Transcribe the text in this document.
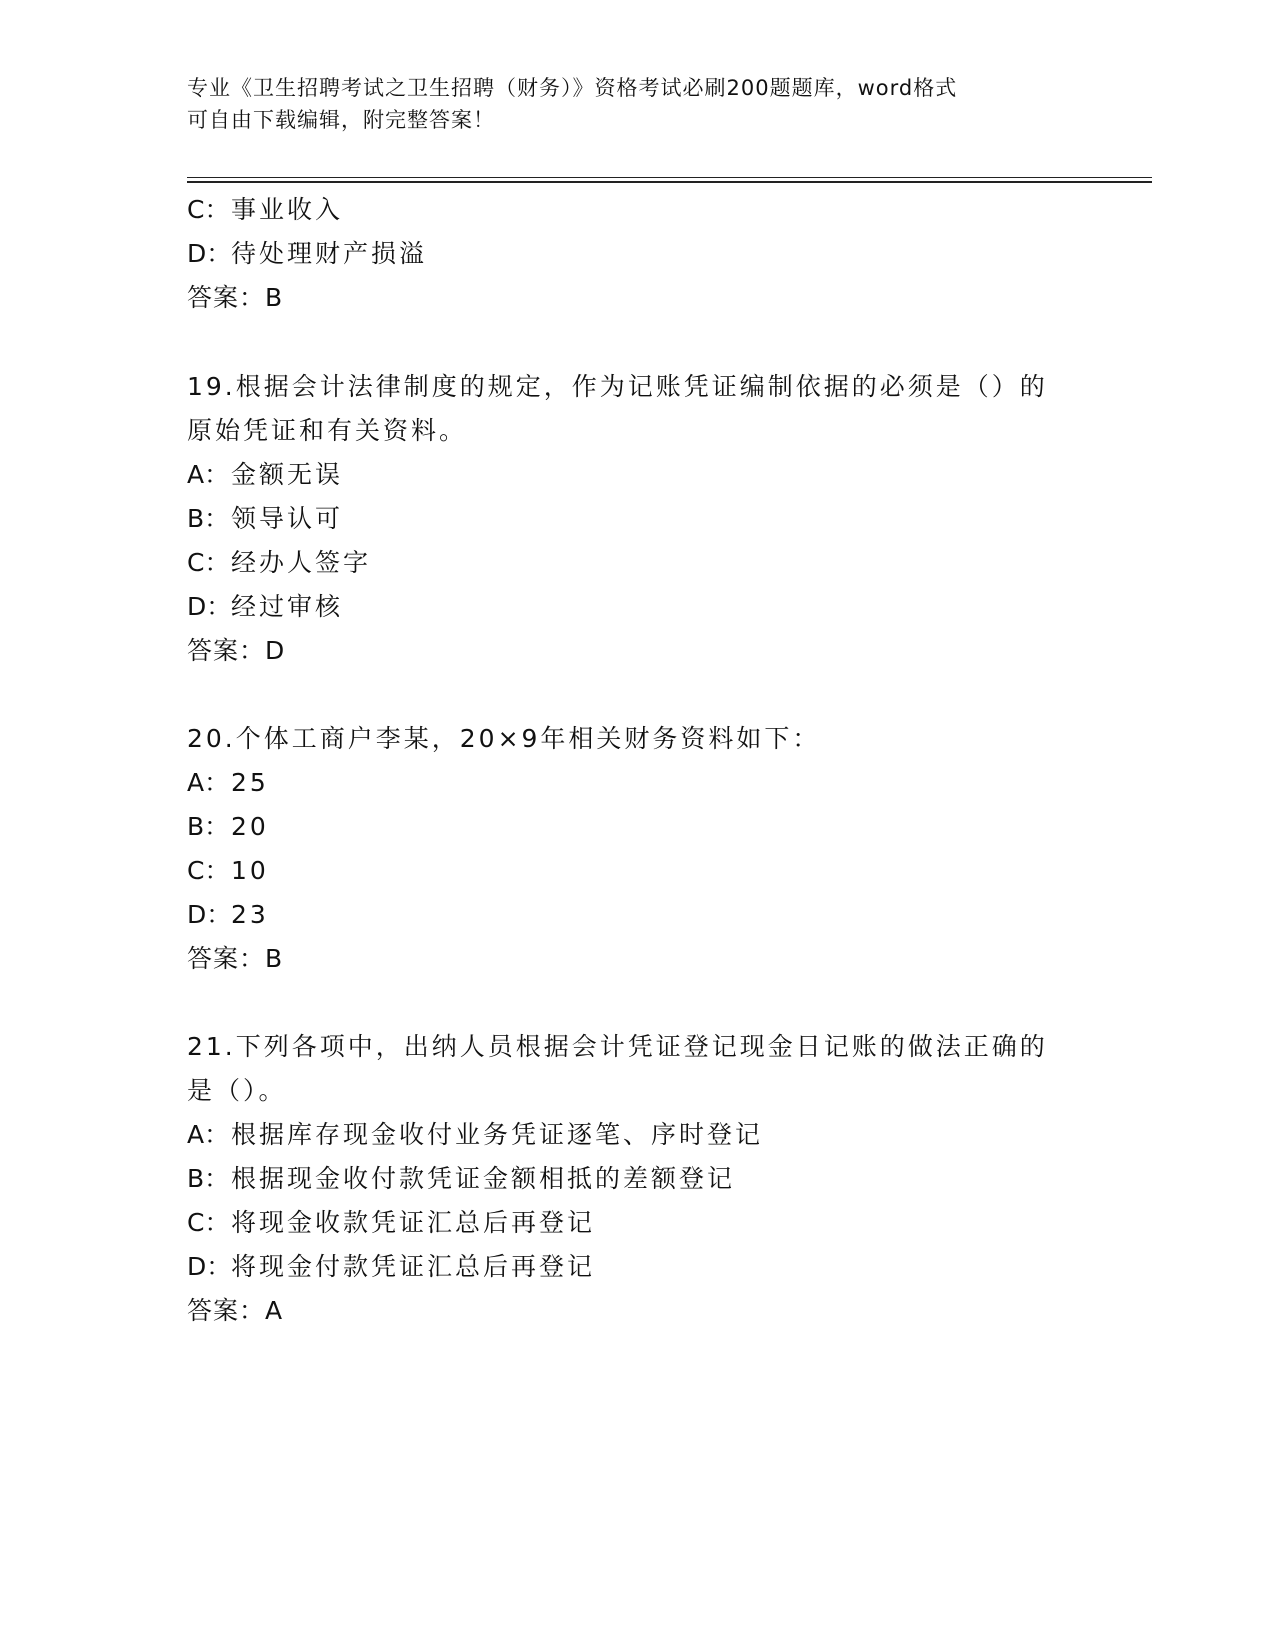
专业《卫生招聘考试之卫生招聘（财务）》资格考试必刷200题题库，word格式
可自由下载编辑，附完整答案！
C：事业收入
D：待处理财产损溢
答案：B
19.根据会计法律制度的规定，作为记账凭证编制依据的必须是（）的
原始凭证和有关资料。
A：金额无误
B：领导认可
C：经办人签字
D：经过审核
答案：D
20.个体工商户李某，20×9年相关财务资料如下：
A：25
B：20
C：10
D：23
答案：B
21.下列各项中，出纳人员根据会计凭证登记现金日记账的做法正确的
是（）。
A：根据库存现金收付业务凭证逐笔、序时登记
B：根据现金收付款凭证金额相抵的差额登记
C：将现金收款凭证汇总后再登记
D：将现金付款凭证汇总后再登记
答案：A
